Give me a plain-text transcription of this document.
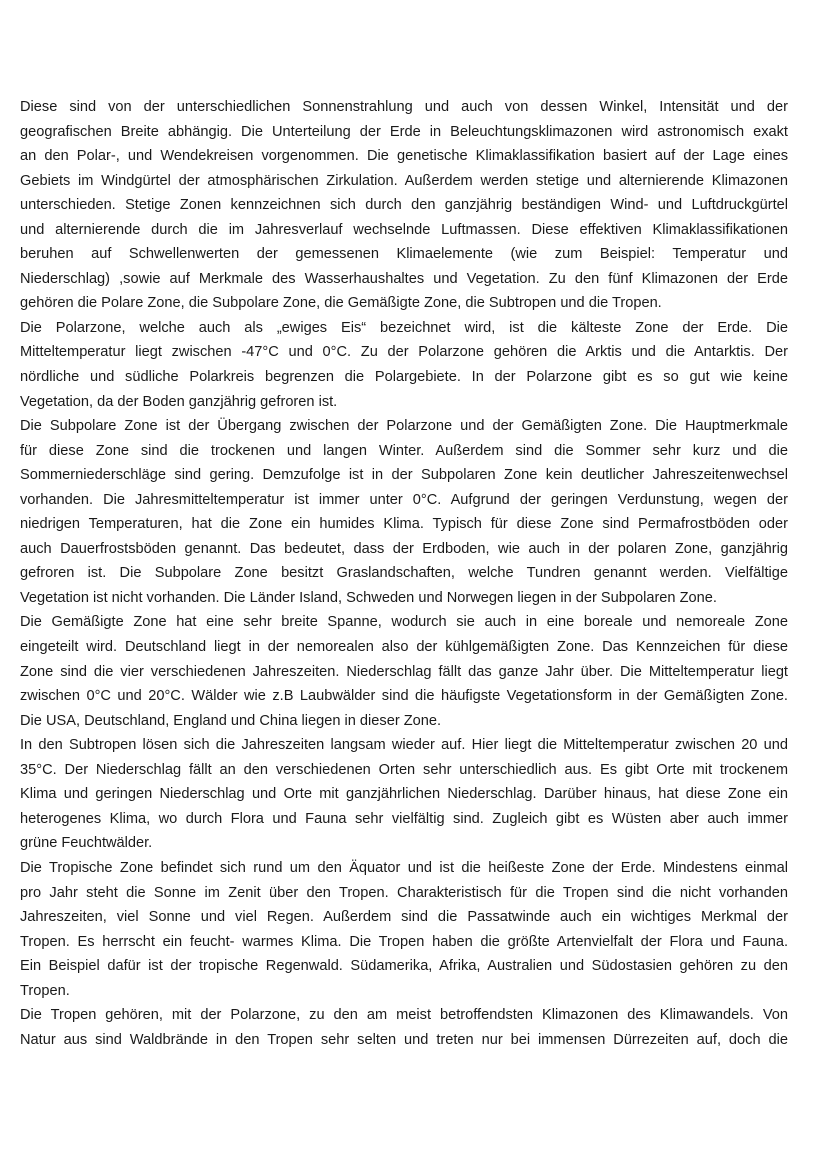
Diese sind von der unterschiedlichen Sonnenstrahlung und auch von dessen Winkel, Intensität und der
geografischen Breite abhängig. Die Unterteilung der Erde in Beleuchtungsklimazonen wird astronomisch exakt
an den Polar-, und Wendekreisen vorgenommen. Die genetische Klimaklassifikation basiert auf der Lage eines
Gebiets im Windgürtel der atmosphärischen Zirkulation. Außerdem werden stetige und alternierende Klimazonen
unterschieden. Stetige Zonen kennzeichnen sich durch den ganzjährig beständigen Wind- und Luftdruckgürtel
und alternierende durch die im Jahresverlauf wechselnde Luftmassen. Diese effektiven Klimaklassifikationen
beruhen auf Schwellenwerten der gemessenen Klimaelemente (wie zum Beispiel: Temperatur und
Niederschlag) ,sowie auf Merkmale des Wasserhaushaltes und Vegetation. Zu den fünf Klimazonen der Erde
gehören die Polare Zone, die Subpolare Zone, die Gemäßigte Zone, die Subtropen und die Tropen.
Die Polarzone, welche auch als „ewiges Eis“ bezeichnet wird, ist die kälteste Zone der Erde. Die
Mitteltemperatur liegt zwischen -47°C und 0°C. Zu der Polarzone gehören die Arktis und die Antarktis. Der
nördliche und südliche Polarkreis begrenzen die Polargebiete. In der Polarzone gibt es so gut wie keine
Vegetation, da der Boden ganzjährig gefroren ist.
Die Subpolare Zone ist der Übergang zwischen der Polarzone und der Gemäßigten Zone. Die Hauptmerkmale
für diese Zone sind die trockenen und langen Winter. Außerdem sind die Sommer sehr kurz und die
Sommerniederschläge sind gering. Demzufolge ist in der Subpolaren Zone kein deutlicher Jahreszeitenwechsel
vorhanden. Die Jahresmitteltemperatur ist immer unter 0°C. Aufgrund der geringen Verdunstung, wegen der
niedrigen Temperaturen, hat die Zone ein humides Klima. Typisch für diese Zone sind Permafrostböden oder
auch Dauerfrostsböden genannt. Das bedeutet, dass der Erdboden, wie auch in der polaren Zone, ganzjährig
gefroren ist. Die Subpolare Zone besitzt Graslandschaften, welche Tundren genannt werden. Vielfältige
Vegetation ist nicht vorhanden. Die Länder Island, Schweden und Norwegen liegen in der Subpolaren Zone.
Die Gemäßigte Zone hat eine sehr breite Spanne, wodurch sie auch in eine boreale und nemoreale Zone
eingeteilt wird. Deutschland liegt in der nemorealen also der kühlgemäßigten Zone. Das Kennzeichen für diese
Zone sind die vier verschiedenen Jahreszeiten. Niederschlag fällt das ganze Jahr über. Die Mitteltemperatur liegt
zwischen 0°C und 20°C. Wälder wie z.B Laubwälder sind die häufigste Vegetationsform in der Gemäßigten Zone.
Die USA, Deutschland, England und China liegen in dieser Zone.
In den Subtropen lösen sich die Jahreszeiten langsam wieder auf. Hier liegt die Mitteltemperatur zwischen 20 und
35°C. Der Niederschlag fällt an den verschiedenen Orten sehr unterschiedlich aus. Es gibt Orte mit trockenem
Klima und geringen Niederschlag und Orte mit ganzjährlichen Niederschlag. Darüber hinaus, hat diese Zone ein
heterogenes Klima, wo durch Flora und Fauna sehr vielfältig sind. Zugleich gibt es Wüsten aber auch immer
grüne Feuchtwälder.
Die Tropische Zone befindet sich rund um den Äquator und ist die heißeste Zone der Erde. Mindestens einmal
pro Jahr steht die Sonne im Zenit über den Tropen. Charakteristisch für die Tropen sind die nicht vorhanden
Jahreszeiten, viel Sonne und viel Regen. Außerdem sind die Passatwinde auch ein wichtiges Merkmal der
Tropen. Es herrscht ein feucht- warmes Klima. Die Tropen haben die größte Artenvielfalt der Flora und Fauna.
Ein Beispiel dafür ist der tropische Regenwald. Südamerika, Afrika, Australien und Südostasien gehören zu den
Tropen.
Die Tropen gehören, mit der Polarzone, zu den am meist betroffendsten Klimazonen des Klimawandels. Von
Natur aus sind Waldbrände in den Tropen sehr selten und treten nur bei immensen Dürrezeiten auf, doch die
